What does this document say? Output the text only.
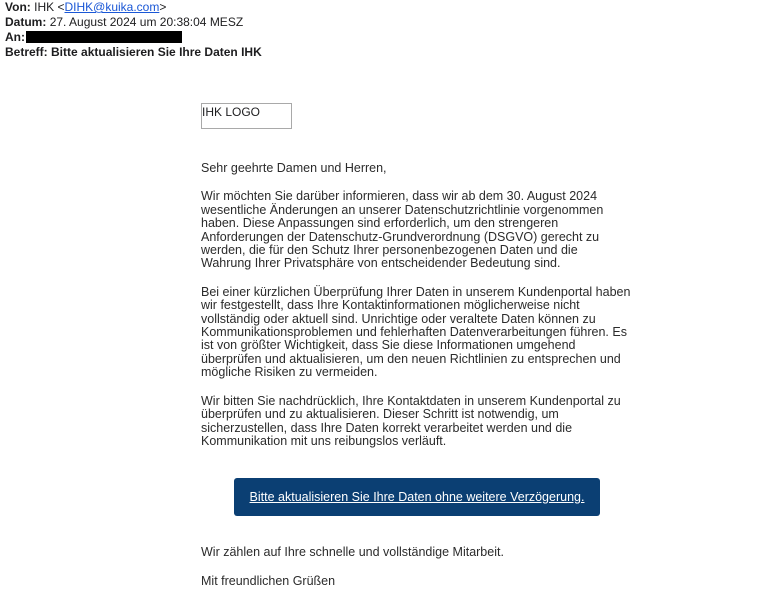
Von: IHK <DIHK@kuika.com>
Datum: 27. August 2024 um 20:38:04 MESZ
An:
Betreff: Bitte aktualisieren Sie Ihre Daten IHK
IHK LOGO

Sehr geehrte Damen und Herren,

Wir möchten Sie darüber informieren, dass wir ab dem 30. August 2024 wesentliche Änderungen an unserer Datenschutzrichtlinie vorgenommen haben. Diese Anpassungen sind erforderlich, um den strengeren Anforderungen der Datenschutz-Grundverordnung (DSGVO) gerecht zu werden, die für den Schutz Ihrer personenbezogenen Daten und die Wahrung Ihrer Privatsphäre von entscheidender Bedeutung sind.

Bei einer kürzlichen Überprüfung Ihrer Daten in unserem Kundenportal haben wir festgestellt, dass Ihre Kontaktinformationen möglicherweise nicht vollständig oder aktuell sind. Unrichtige oder veraltete Daten können zu Kommunikationsproblemen und fehlerhaften Datenverarbeitungen führen. Es ist von größter Wichtigkeit, dass Sie diese Informationen umgehend überprüfen und aktualisieren, um den neuen Richtlinien zu entsprechen und mögliche Risiken zu vermeiden.

Wir bitten Sie nachdrücklich, Ihre Kontaktdaten in unserem Kundenportal zu überprüfen und zu aktualisieren. Dieser Schritt ist notwendig, um sicherzustellen, dass Ihre Daten korrekt verarbeitet werden und die Kommunikation mit uns reibungslos verläuft.

Bitte aktualisieren Sie Ihre Daten ohne weitere Verzögerung.

Wir zählen auf Ihre schnelle und vollständige Mitarbeit.

Mit freundlichen Grüßen
